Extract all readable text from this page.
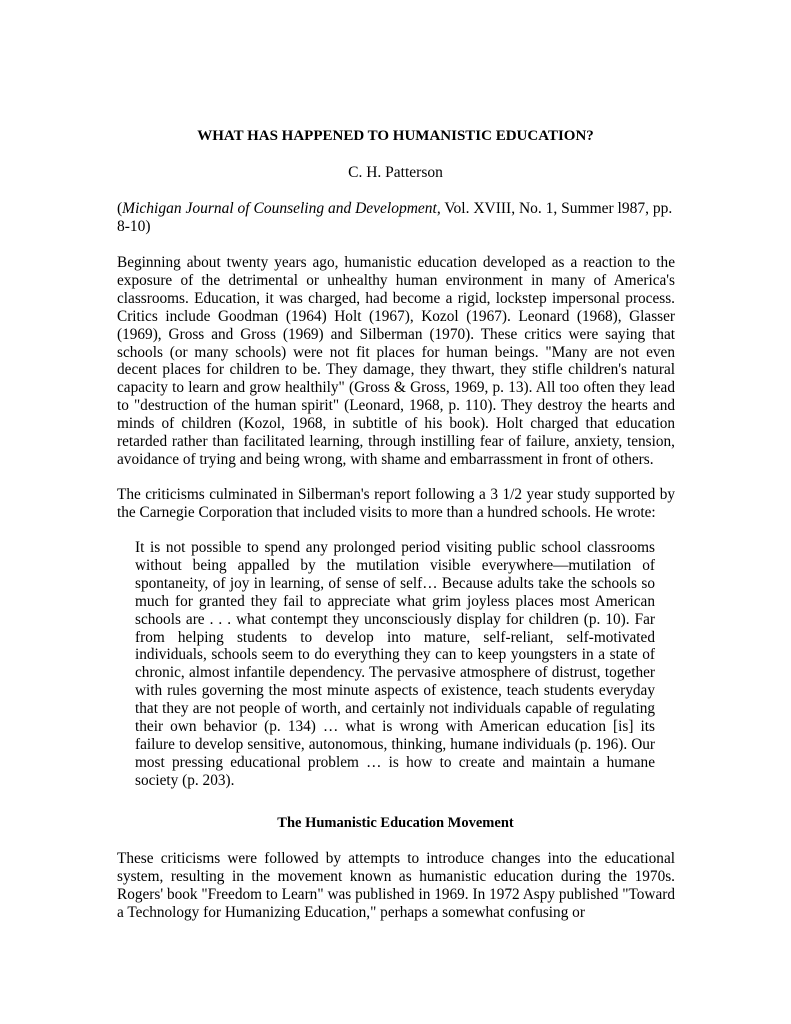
WHAT HAS HAPPENED TO HUMANISTIC EDUCATION?
C. H. Patterson
(Michigan Journal of Counseling and Development, Vol. XVIII, No. 1, Summer l987, pp. 8-10)

Beginning about twenty years ago, humanistic education developed as a reaction to the exposure of the detrimental or unhealthy human environment in many of America's classrooms. Education, it was charged, had become a rigid, lockstep impersonal process. Critics include Goodman (1964) Holt (1967), Kozol (1967). Leonard (1968), Glasser (1969), Gross and Gross (1969) and Silberman (1970). These critics were saying that schools (or many schools) were not fit places for human beings. "Many are not even decent places for children to be. They damage, they thwart, they stifle children's natural capacity to learn and grow healthily" (Gross & Gross, 1969, p. 13). All too often they lead to "destruction of the human spirit" (Leonard, 1968, p. 110). They destroy the hearts and minds of children (Kozol, 1968, in subtitle of his book). Holt charged that education retarded rather than facilitated learning, through instilling fear of failure, anxiety, tension, avoidance of trying and being wrong, with shame and embarrassment in front of others.

The criticisms culminated in Silberman's report following a 3 1/2 year study supported by the Carnegie Corporation that included visits to more than a hundred schools. He wrote:

It is not possible to spend any prolonged period visiting public school classrooms without being appalled by the mutilation visible everywhere—mutilation of spontaneity, of joy in learning, of sense of self… Because adults take the schools so much for granted they fail to appreciate what grim joyless places most American schools are . . . what contempt they unconsciously display for children (p. 10). Far from helping students to develop into mature, self-reliant, self-motivated individuals, schools seem to do everything they can to keep youngsters in a state of chronic, almost infantile dependency. The pervasive atmosphere of distrust, together with rules governing the most minute aspects of existence, teach students everyday that they are not people of worth, and certainly not individuals capable of regulating their own behavior (p. 134) … what is wrong with American education [is] its failure to develop sensitive, autonomous, thinking, humane individuals (p. 196). Our most pressing educational problem … is how to create and maintain a humane society (p. 203).
The Humanistic Education Movement

These criticisms were followed by attempts to introduce changes into the educational system, resulting in the movement known as humanistic education during the 1970s. Rogers' book "Freedom to Learn" was published in 1969. In 1972 Aspy published "Toward a Technology for Humanizing Education," perhaps a somewhat confusing or
